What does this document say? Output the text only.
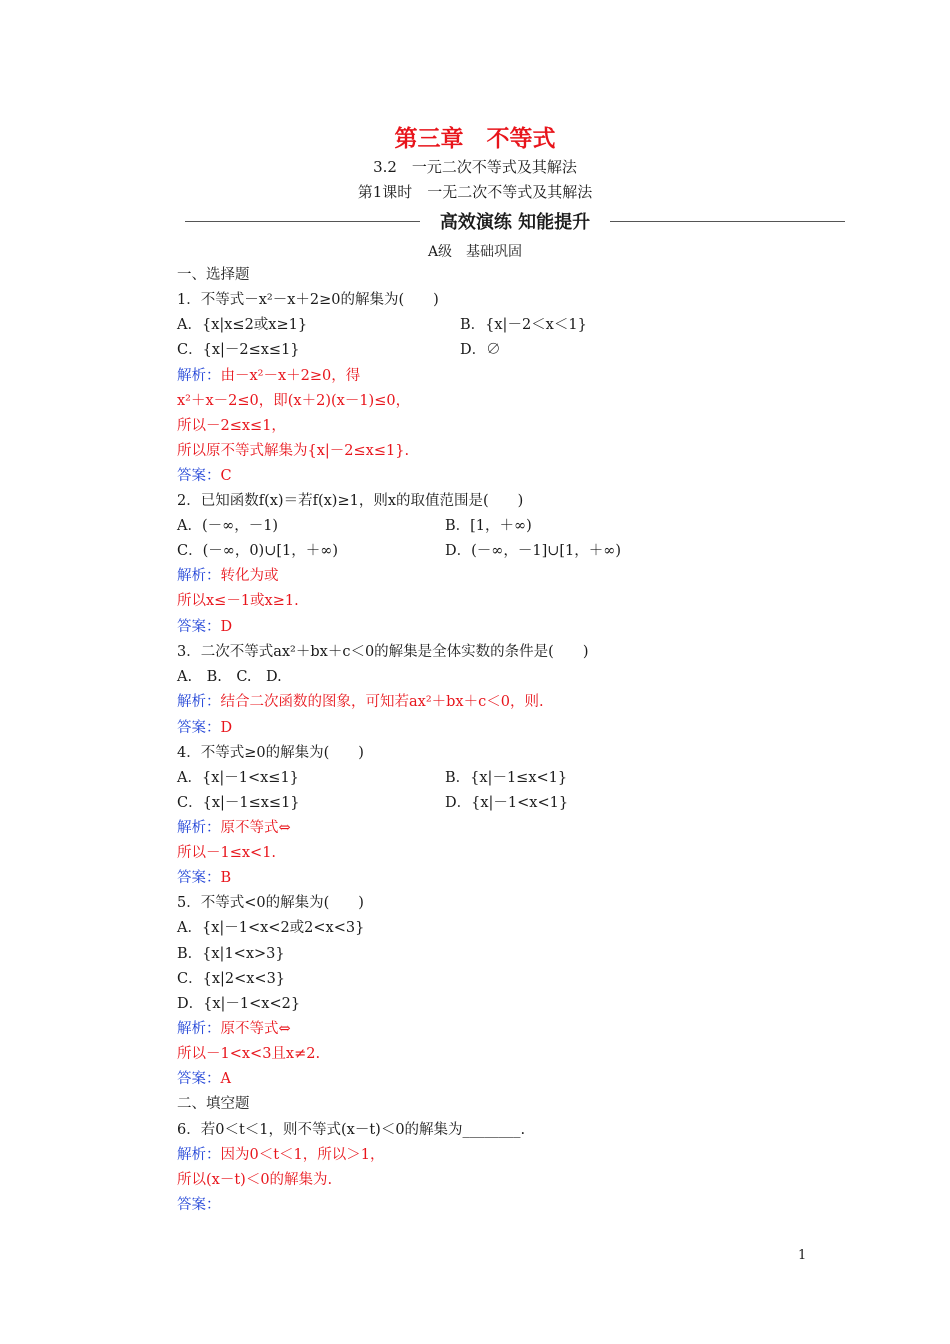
第三章　不等式
3.2　一元二次不等式及其解法
第1课时　一无二次不等式及其解法
高效演练 知能提升
A级　基础巩固
一、选择题
1．不等式－x²－x＋2≥0的解集为(　　)
A．{x|x≤2或x≥1}	B．{x|－2＜x＜1}
C．{x|－2≤x≤1}	D．∅
解析：由－x²－x＋2≥0，得
x²＋x－2≤0，即(x＋2)(x－1)≤0，
所以－2≤x≤1，
所以原不等式解集为{x|－2≤x≤1}.
答案：C
2．已知函数f(x)＝若f(x)≥1，则x的取值范围是(　　)
A．(－∞，－1)	B．[1，＋∞)
C．(－∞，0)∪[1，＋∞)	D．(－∞，－1]∪[1，＋∞)
解析：转化为或
所以x≤－1或x≥1.
答案：D
3．二次不等式ax²＋bx＋c＜0的解集是全体实数的条件是(　　)
A.　B.　C.　D.
解析：结合二次函数的图象，可知若ax²＋bx＋c＜0，则.
答案：D
4．不等式≥0的解集为(　　)
A．{x|－1<x≤1}	B．{x|－1≤x<1}
C．{x|－1≤x≤1}	D．{x|－1<x<1}
解析：原不等式⇔
所以－1≤x<1.
答案：B
5．不等式<0的解集为(　　)
A．{x|－1<x<2或2<x<3}
B．{x|1<x>3}
C．{x|2<x<3}
D．{x|－1<x<2}
解析：原不等式⇔
所以－1<x<3且x≠2.
答案：A
二、填空题
6．若0＜t＜1，则不等式(x－t)＜0的解集为________.
解析：因为0＜t＜1，所以＞1，
所以(x－t)＜0的解集为.
答案：
1
